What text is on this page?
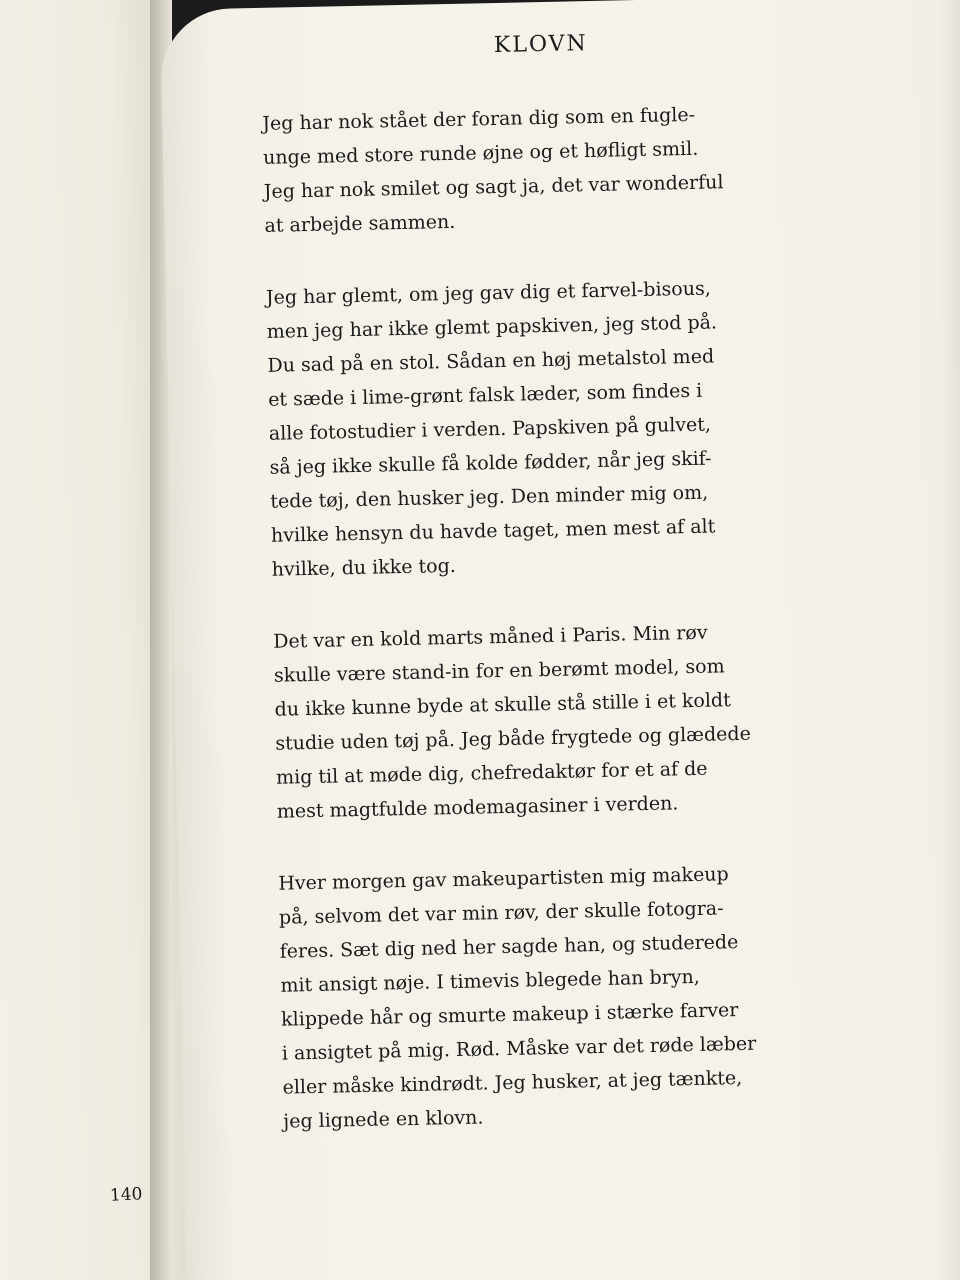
140
KLOVN

Jeg har nok stået der foran dig som en fugle-
unge med store runde øjne og et høfligt smil.
Jeg har nok smilet og sagt ja, det var wonderful
at arbejde sammen.

Jeg har glemt, om jeg gav dig et farvel-bisous,
men jeg har ikke glemt papskiven, jeg stod på.
Du sad på en stol. Sådan en høj metalstol med
et sæde i lime-grønt falsk læder, som findes i
alle fotostudier i verden. Papskiven på gulvet,
så jeg ikke skulle få kolde fødder, når jeg skif-
tede tøj, den husker jeg. Den minder mig om,
hvilke hensyn du havde taget, men mest af alt
hvilke, du ikke tog.

Det var en kold marts måned i Paris. Min røv
skulle være stand-in for en berømt model, som
du ikke kunne byde at skulle stå stille i et koldt
studie uden tøj på. Jeg både frygtede og glædede
mig til at møde dig, chefredaktør for et af de
mest magtfulde modemagasiner i verden.

Hver morgen gav makeupartisten mig makeup
på, selvom det var min røv, der skulle fotogra-
feres. Sæt dig ned her sagde han, og studerede
mit ansigt nøje. I timevis blegede han bryn,
klippede hår og smurte makeup i stærke farver
i ansigtet på mig. Rød. Måske var det røde læber
eller måske kindrødt. Jeg husker, at jeg tænkte,
jeg lignede en klovn.
